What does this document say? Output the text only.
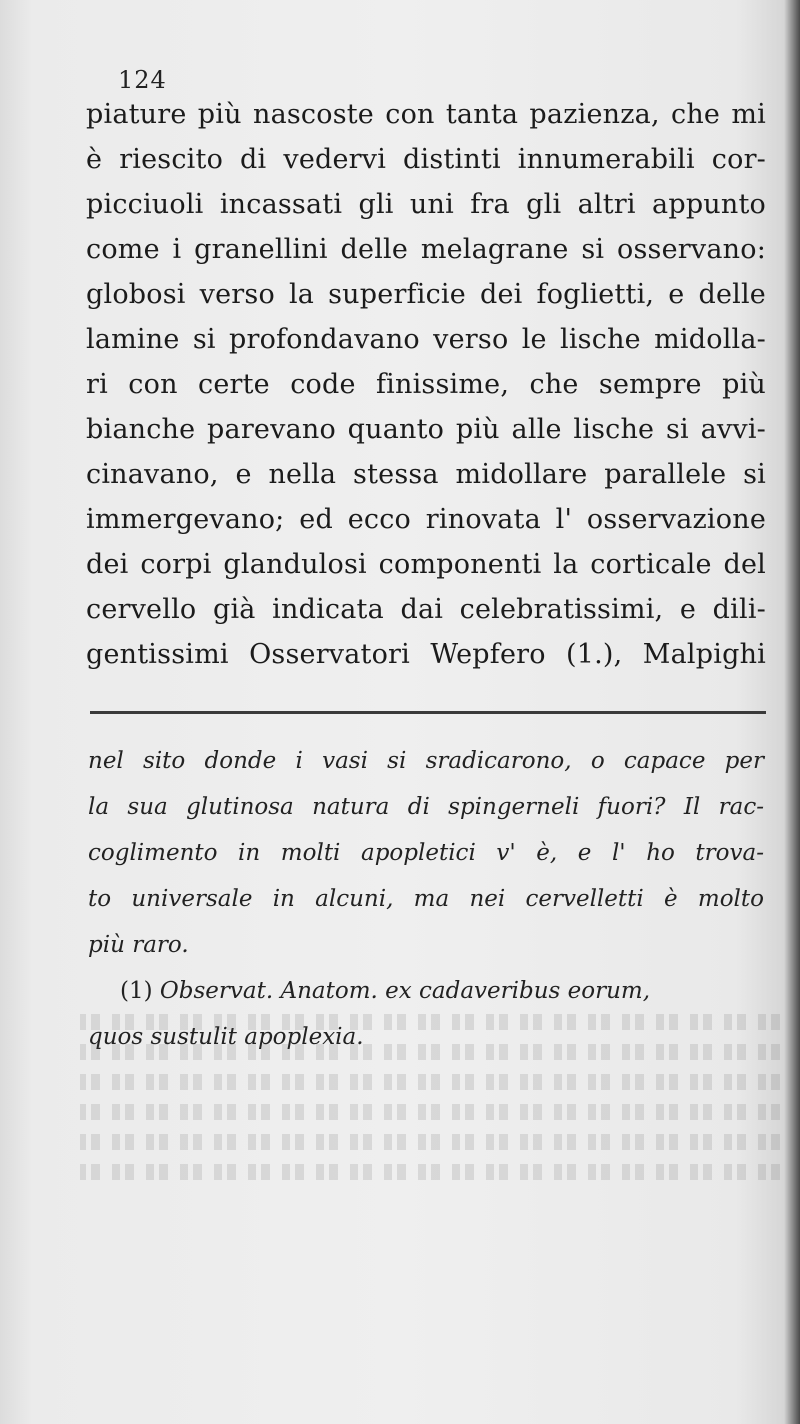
124
piature più nascoste con tanta pazienza, che mi
è riescito di vedervi distinti innumerabili cor-
picciuoli incassati gli uni fra gli altri appunto
come i granellini delle melagrane si osservano:
globosi verso la superficie dei foglietti, e delle
lamine si profondavano verso le lische midolla-
ri con certe code finissime, che sempre più
bianche parevano quanto più alle lische si avvi-
cinavano, e nella stessa midollare parallele si
immergevano; ed ecco rinovata l' osservazione
dei corpi glandulosi componenti la corticale del
cervello già indicata dai celebratissimi, e dili-
gentissimi Osservatori Wepfero (1.), Malpighi
nel sito donde i vasi si sradicarono, o capace per
la sua glutinosa natura di spingerneli fuori? Il rac-
coglimento in molti apopletici v' è, e l' ho trova-
to universale in alcuni, ma nei cervelletti è molto
più raro.
(1) Observat. Anatom. ex cadaveribus eorum,
quos sustulit apoplexia.
